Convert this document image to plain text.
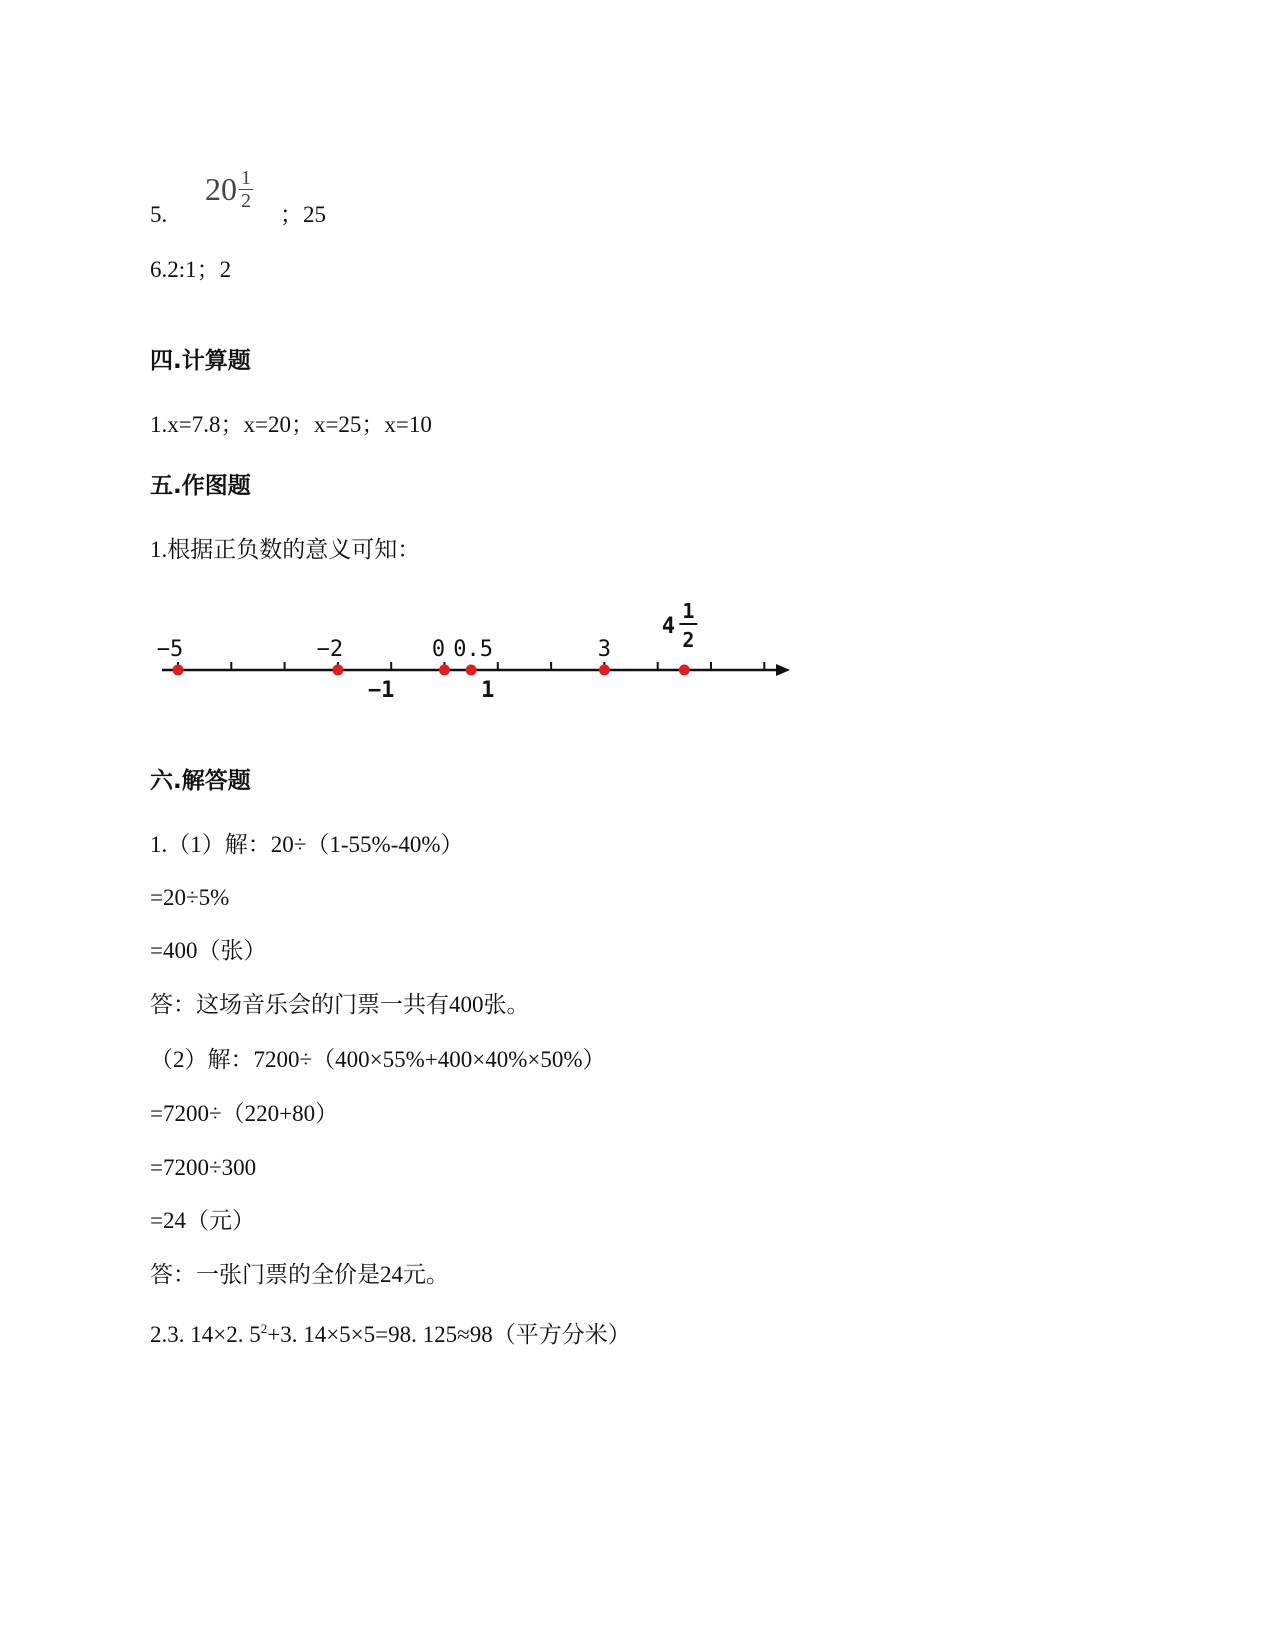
5.
20 1
2
；25
6.2:1；2
四.计算题
1.x=7.8；x=20；x=25；x=10
五.作图题
1.根据正负数的意义可知：
−5	−2	0 0.5	3
−1	1
4
1
2
六.解答题
1.（1）解：20÷（1-55%-40%）
=20÷5%
=400（张）
答：这场音乐会的门票一共有400张。
（2）解：7200÷（400×55%+400×40%×50%）
=7200÷（220+80）
=7200÷300
=24（元）
答：一张门票的全价是24元。
2.3. 14×2. $5^2+3$. 14×5×5=98. 125≈98（平方分米）
